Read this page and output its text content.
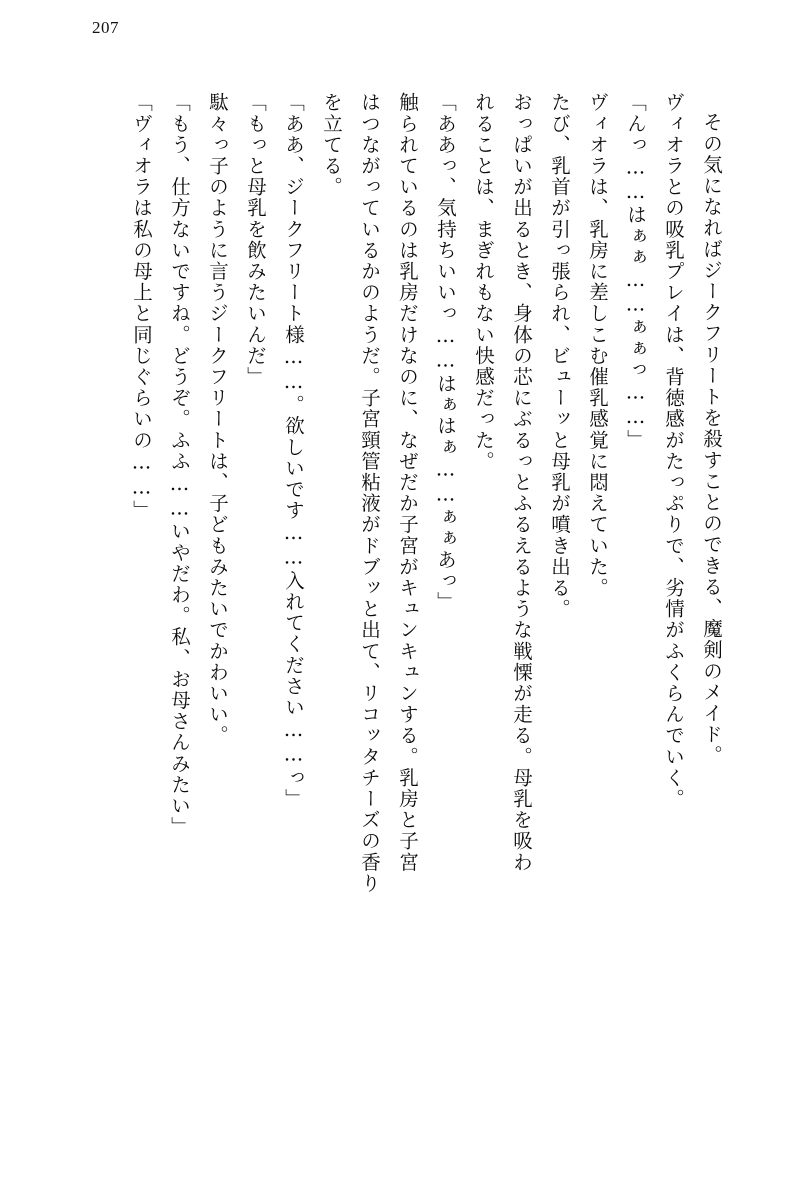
207

その気になればジークフリートを殺すことのできる、魔剣のメイド。

ヴィオラとの吸乳プレイは、背徳感がたっぷりで、劣情がふくらんでいく。

「んっ……はぁぁ……ぁぁっ……」

ヴィオラは、乳房に差しこむ催乳感覚に悶えていた。

たび、乳首が引っ張られ、ビューッと母乳が噴き出る。

おっぱいが出るとき、身体の芯にぶるっとふるえるような戦慄が走る。母乳を吸わ

れることは、まぎれもない快感だった。

「ああっ、気持ちいいっ……はぁはぁ……ぁぁあっ」

触られているのは乳房だけなのに、なぜだか子宮がキュンキュンする。乳房と子宮

はつながっているかのようだ。子宮頸管粘液がドブッと出て、リコッタチーズの香り

を立てる。

「ああ、ジークフリート様……。欲しいです……入れてください……っ」

「もっと母乳を飲みたいんだ」

駄々っ子のように言うジークフリートは、子どもみたいでかわいい。

「もう、仕方ないですね。どうぞ。ふふ……いやだわ。私、お母さんみたい」

「ヴィオラは私の母上と同じぐらいの……」
